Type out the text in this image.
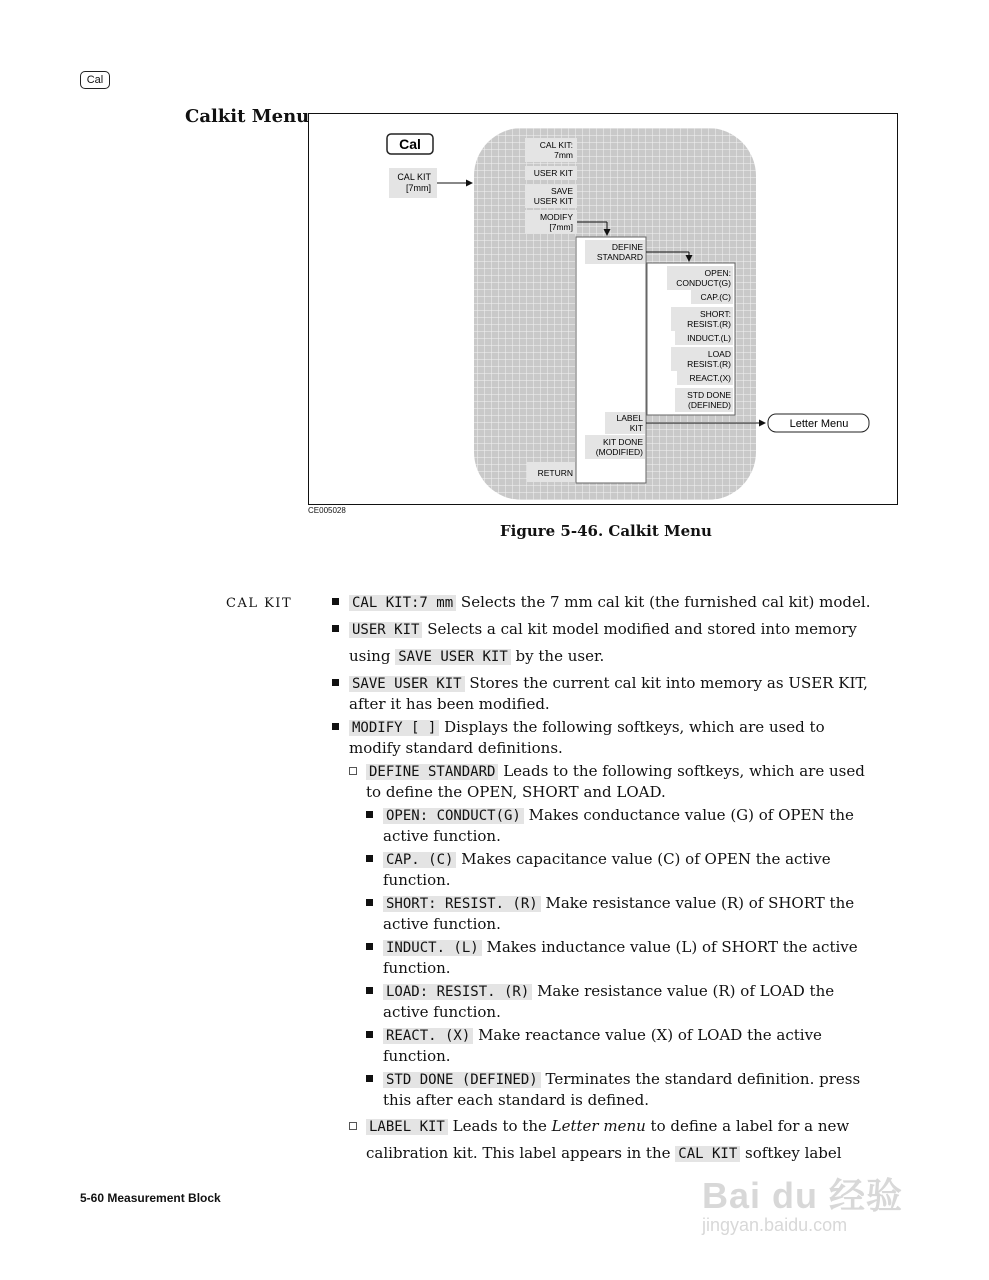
Cal
Calkit Menu
Cal
CAL KIT
[7mm]
CAL KIT:
7mm
USER KIT
SAVE
USER KIT
MODIFY
[7mm]
RETURN
DEFINE
STANDARD
LABEL
KIT
KIT DONE
(MODIFIED)
OPEN:
CONDUCT(G)
CAP.(C)
SHORT:
RESIST.(R)
INDUCT.(L)
LOAD
RESIST.(R)
REACT.(X)
STD DONE
(DEFINED)
Letter Menu
CE005028
Figure 5-46. Calkit Menu
CAL KIT	CAL KIT:7 mm Selects the 7 mm cal kit (the furnished cal kit) model.
USER KIT Selects a cal kit model modified and stored into memory using SAVE USER KIT by the user.
SAVE USER KIT Stores the current cal kit into memory as USER KIT, after it has been modified.
MODIFY [ ] Displays the following softkeys, which are used to modify standard definitions.
DEFINE STANDARD Leads to the following softkeys, which are used to define the OPEN, SHORT and LOAD.
OPEN: CONDUCT(G) Makes conductance value (G) of OPEN the active function.
CAP. (C) Makes capacitance value (C) of OPEN the active function.
SHORT: RESIST. (R) Make resistance value (R) of SHORT the active function.
INDUCT. (L) Makes inductance value (L) of SHORT the active function.
LOAD: RESIST. (R) Make resistance value (R) of LOAD the active function.
REACT. (X) Make reactance value (X) of LOAD the active function.
STD DONE (DEFINED) Terminates the standard definition. press this after each standard is defined.
LABEL KIT Leads to the Letter menu to define a label for a new calibration kit. This label appears in the CAL KIT softkey label
5-60 Measurement Block	Bai du 经验
jingyan.baidu.com
